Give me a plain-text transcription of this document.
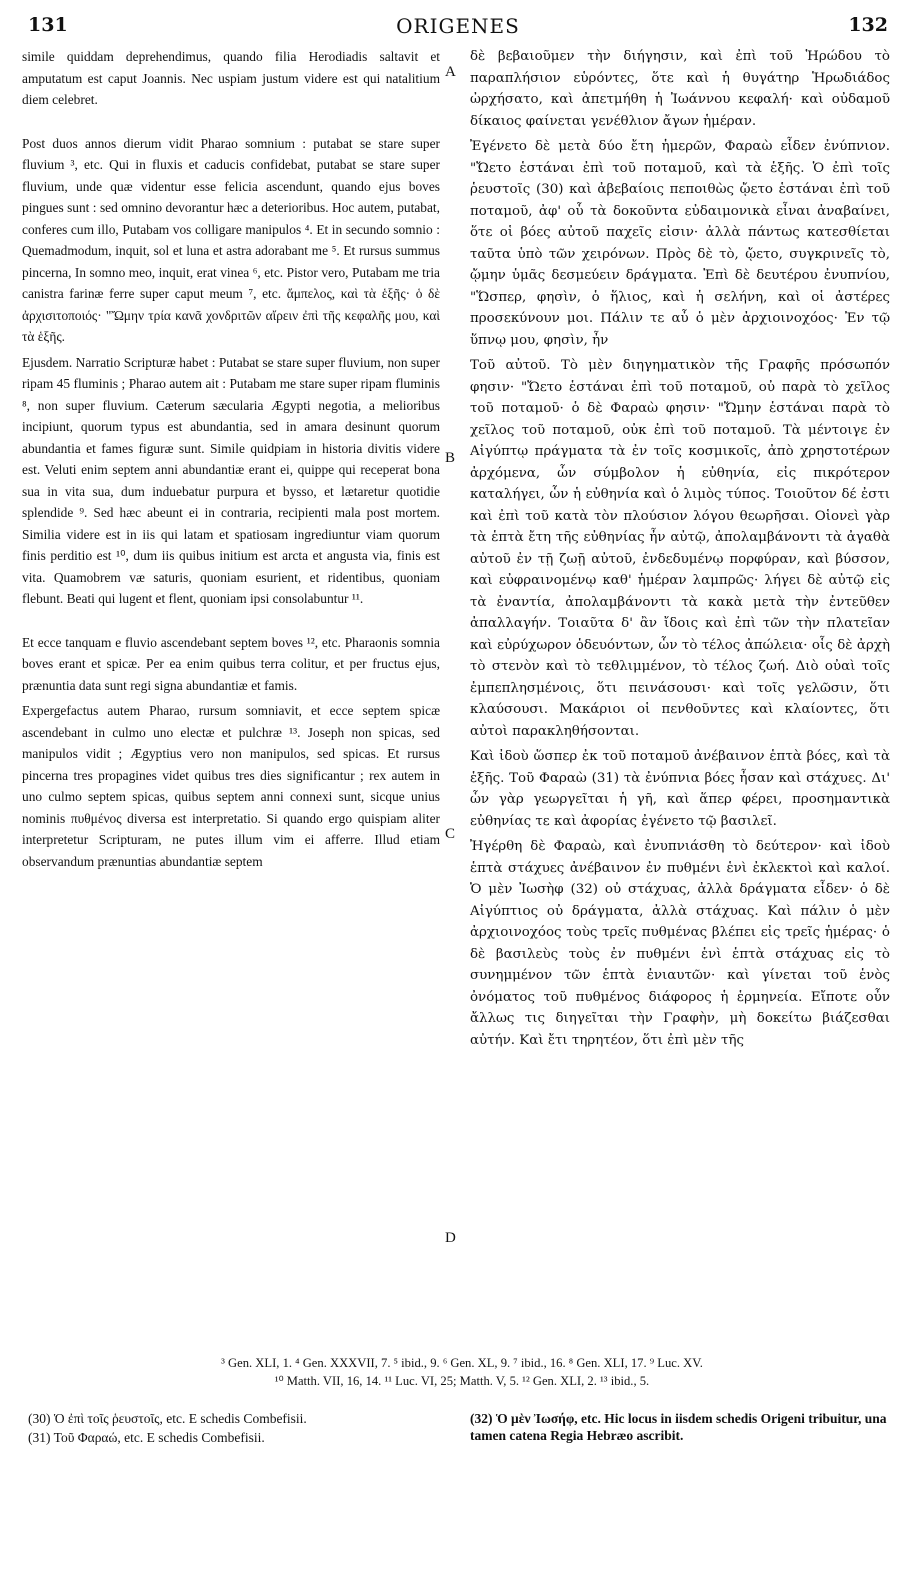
131	ORIGENES	132

simile quiddam deprehendimus, quando filia Herodiadis saltavit et amputatum est caput Joannis. Nec uspiam justum videre est qui natalitium diem celebret.

Post duos annos dierum vidit Pharao somnium : putabat se stare super fluvium ³, etc. Qui in fluxis et caducis confidebat, putabat se stare super fluvium, unde quæ videntur esse felicia ascendunt, quando ejus boves pingues sunt : sed omnino devorantur hæc a deterioribus. Hoc autem, putabat, conferes cum illo, Putabam vos colligare manipulos ⁴. Et in secundo somnio : Quemadmodum, inquit, sol et luna et astra adorabant me ⁵. Et rursus summus pincerna, In somno meo, inquit, erat vinea ⁶, etc. Pistor vero, Putabam me tria canistra farinæ ferre super caput meum ⁷, etc. ἄμπελος, καὶ τὰ ἑξῆς· ὁ δὲ ἀρχισιτοποιός· "Ὤμην τρία κανᾶ χονδριτῶν αἴρειν ἐπὶ τῆς κεφαλῆς μου, καὶ τὰ ἑξῆς.

Ejusdem. Narratio Scripturæ habet : Putabat se stare super fluvium, non super ripam 45 fluminis ; Pharao autem ait : Putabam me stare super ripam fluminis ⁸, non super fluvium. Cæterum sæcularia Ægypti negotia, a melioribus incipiunt, quorum typus est abundantia, sed in amara desinunt quorum abundantia et fames figuræ sunt. Simile quidpiam in historia divitis videre est. Veluti enim septem anni abundantiæ erant ei, quippe qui receperat bona sua in vita sua, dum induebatur purpura et bysso, et lætaretur quotidie splendide ⁹. Sed hæc abeunt ei in contraria, recipienti mala post mortem. Similia videre est in iis qui latam et spatiosam ingrediuntur viam quorum finis perditio est ¹⁰, dum iis quibus initium est arcta et angusta via, finis est vita. Quamobrem væ saturis, quoniam esurient, et ridentibus, quoniam flebunt. Beati qui lugent et flent, quoniam ipsi consolabuntur ¹¹.

Et ecce tanquam e fluvio ascendebant septem boves ¹², etc. Pharaonis somnia boves erant et spicæ. Per ea enim quibus terra colitur, et per fructus ejus, prænuntia data sunt regi signa abundantiæ et famis.

Expergefactus autem Pharao, rursum somniavit, et ecce septem spicæ ascendebant in culmo uno electæ et pulchræ ¹³. Joseph non spicas, sed manipulos vidit ; Ægyptius vero non manipulos, sed spicas. Et rursus pincerna tres propagines videt quibus tres dies significantur ; rex autem in uno culmo septem spicas, quibus septem anni connexi sunt, sicque unius nominis πυθμένος diversa est interpretatio. Si quando ergo quispiam aliter interpretetur Scripturam, ne putes illum vim ei afferre. Illud etiam observandum prænuntias abundantiæ septem

A
B
C
D

δὲ βεβαιοῦμεν τὴν διήγησιν, καὶ ἐπὶ τοῦ Ἡρώδου τὸ παραπλήσιον εὑρόντες, ὅτε καὶ ἡ θυγάτηρ Ἡρωδιάδος ὠρχήσατο, καὶ ἀπετμήθη ἡ Ἰωάννου κεφαλή· καὶ οὐδαμοῦ δίκαιος φαίνεται γενέθλιον ἄγων ἡμέραν.

Ἐγένετο δὲ μετὰ δύο ἔτη ἡμερῶν, Φαραὼ εἶδεν ἐνύπνιον. "Ὤετο ἑστάναι ἐπὶ τοῦ ποταμοῦ, καὶ τὰ ἑξῆς. Ὁ ἐπὶ τοῖς ῥευστοῖς (30) καὶ ἀβεβαίοις πεποιθὼς ᾤετο ἑστάναι ἐπὶ τοῦ ποταμοῦ, ἀφ' οὗ τὰ δοκοῦντα εὐδαιμονικὰ εἶναι ἀναβαίνει, ὅτε οἱ βόες αὐτοῦ παχεῖς εἰσιν· ἀλλὰ πάντως κατεσθίεται ταῦτα ὑπὸ τῶν χειρόνων. Πρὸς δὲ τὸ, ᾤετο, συγκρινεῖς τὸ, ᾤμην ὑμᾶς δεσμεύειν δράγματα. Ἐπὶ δὲ δευτέρου ἐνυπνίου, "Ὥσπερ, φησὶν, ὁ ἥλιος, καὶ ἡ σελήνη, καὶ οἱ ἀστέρες προσεκύνουν μοι. Πάλιν τε αὖ ὁ μὲν ἀρχιοινοχόος· Ἐν τῷ ὕπνῳ μου, φησὶν, ἦν

Τοῦ αὐτοῦ. Τὸ μὲν διηγηματικὸν τῆς Γραφῆς πρόσωπόν φησιν· "Ὤετο ἑστάναι ἐπὶ τοῦ ποταμοῦ, οὐ παρὰ τὸ χεῖλος τοῦ ποταμοῦ· ὁ δὲ Φαραὼ φησιν· "Ὤμην ἑστάναι παρὰ τὸ χεῖλος τοῦ ποταμοῦ, οὐκ ἐπὶ τοῦ ποταμοῦ. Τὰ μέντοιγε ἐν Αἰγύπτῳ πράγματα τὰ ἐν τοῖς κοσμικοῖς, ἀπὸ χρηστοτέρων ἀρχόμενα, ὧν σύμβολον ἡ εὐθηνία, εἰς πικρότερον καταλήγει, ὧν ἡ εὐθηνία καὶ ὁ λιμὸς τύπος. Τοιοῦτον δέ ἐστι καὶ ἐπὶ τοῦ κατὰ τὸν πλούσιον λόγου θεωρῆσαι. Οἱονεὶ γὰρ τὰ ἑπτὰ ἔτη τῆς εὐθηνίας ἦν αὐτῷ, ἀπολαμβάνοντι τὰ ἀγαθὰ αὐτοῦ ἐν τῇ ζωῇ αὐτοῦ, ἐνδεδυμένῳ πορφύραν, καὶ βύσσον, καὶ εὐφραινομένῳ καθ' ἡμέραν λαμπρῶς· λήγει δὲ αὐτῷ εἰς τὰ ἐναντία, ἀπολαμβάνοντι τὰ κακὰ μετὰ τὴν ἐντεῦθεν ἀπαλλαγήν. Τοιαῦτα δ' ἂν ἴδοις καὶ ἐπὶ τῶν τὴν πλατεῖαν καὶ εὐρύχωρον ὁδευόντων, ὧν τὸ τέλος ἀπώλεια· οἷς δὲ ἀρχὴ τὸ στενὸν καὶ τὸ τεθλιμμένον, τὸ τέλος ζωή. Διὸ οὐαὶ τοῖς ἐμπεπλησμένοις, ὅτι πεινάσουσι· καὶ τοῖς γελῶσιν, ὅτι κλαύσουσι. Μακάριοι οἱ πενθοῦντες καὶ κλαίοντες, ὅτι αὐτοὶ παρακληθήσονται.

Καὶ ἰδοὺ ὥσπερ ἐκ τοῦ ποταμοῦ ἀνέβαινον ἑπτὰ βόες, καὶ τὰ ἑξῆς. Τοῦ Φαραὼ (31) τὰ ἐνύπνια βόες ἦσαν καὶ στάχυες. Δι' ὧν γὰρ γεωργεῖται ἡ γῆ, καὶ ἅπερ φέρει, προσημαντικὰ εὐθηνίας τε καὶ ἀφορίας ἐγένετο τῷ βασιλεῖ.

Ἠγέρθη δὲ Φαραὼ, καὶ ἐνυπνιάσθη τὸ δεύτερον· καὶ ἰδοὺ ἑπτὰ στάχυες ἀνέβαινον ἐν πυθμένι ἑνὶ ἐκλεκτοὶ καὶ καλοί. Ὁ μὲν Ἰωσὴφ (32) οὐ στάχυας, ἀλλὰ δράγματα εἶδεν· ὁ δὲ Αἰγύπτιος οὐ δράγματα, ἀλλὰ στάχυας. Καὶ πάλιν ὁ μὲν ἀρχιοινοχόος τοὺς τρεῖς πυθμένας βλέπει εἰς τρεῖς ἡμέρας· ὁ δὲ βασιλεὺς τοὺς ἐν πυθμένι ἑνὶ ἑπτὰ στάχυας εἰς τὸ συνημμένον τῶν ἑπτὰ ἐνιαυτῶν· καὶ γίνεται τοῦ ἑνὸς ὀνόματος τοῦ πυθμένος διάφορος ἡ ἑρμηνεία. Εἴποτε οὖν ἄλλως τις διηγεῖται τὴν Γραφὴν, μὴ δοκείτω βιάζεσθαι αὐτήν. Καὶ ἔτι τηρητέον, ὅτι ἐπὶ μὲν τῆς

³ Gen. XLI, 1. ⁴ Gen. XXXVII, 7. ⁵ ibid., 9. ⁶ Gen. XL, 9. ⁷ ibid., 16. ⁸ Gen. XLI, 17. ⁹ Luc. XV.

¹⁰ Matth. VII, 16, 14. ¹¹ Luc. VI, 25; Matth. V, 5. ¹² Gen. XLI, 2. ¹³ ibid., 5.

(30) Ὁ ἐπὶ τοῖς ῥευστοῖς, etc. E schedis Combefisii.

(31) Τοῦ Φαραώ, etc. E schedis Combefisii.

(32) Ὁ μὲν Ἰωσήφ, etc. Hic locus in iisdem schedis Origeni tribuitur, una tamen catena Regia Hebræo ascribit.
